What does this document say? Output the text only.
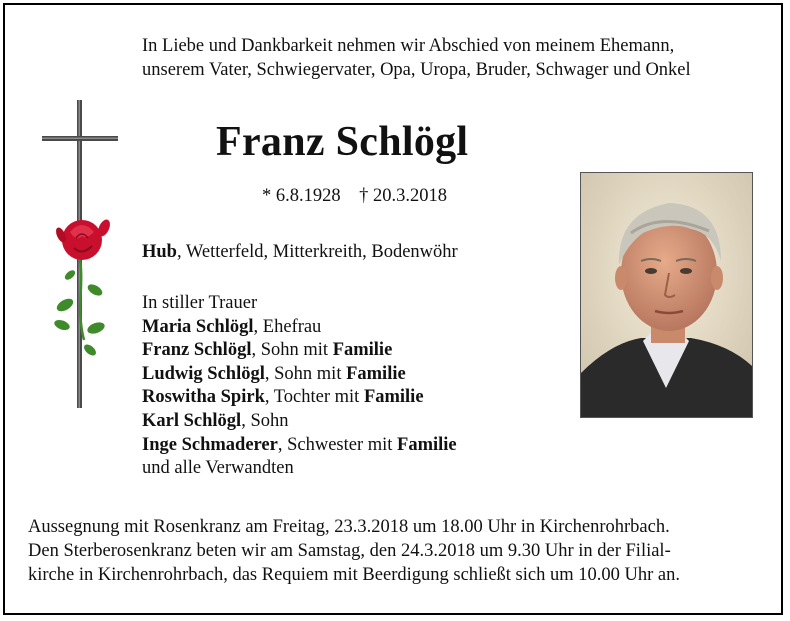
In Liebe und Dankbarkeit nehmen wir Abschied von meinem Ehemann,
unserem Vater, Schwiegervater, Opa, Uropa, Bruder, Schwager und Onkel
Franz Schlögl
* 6.8.1928 † 20.3.2018
Hub, Wetterfeld, Mitterkreith, Bodenwöhr
In stiller Trauer
Maria Schlögl, Ehefrau
Franz Schlögl, Sohn mit Familie
Ludwig Schlögl, Sohn mit Familie
Roswitha Spirk, Tochter mit Familie
Karl Schlögl, Sohn
Inge Schmaderer, Schwester mit Familie
und alle Verwandten
Aussegnung mit Rosenkranz am Freitag, 23.3.2018 um 18.00 Uhr in Kirchenrohrbach.
Den Sterberosenkranz beten wir am Samstag, den 24.3.2018 um 9.30 Uhr in der Filial-
kirche in Kirchenrohrbach, das Requiem mit Beerdigung schließt sich um 10.00 Uhr an.
